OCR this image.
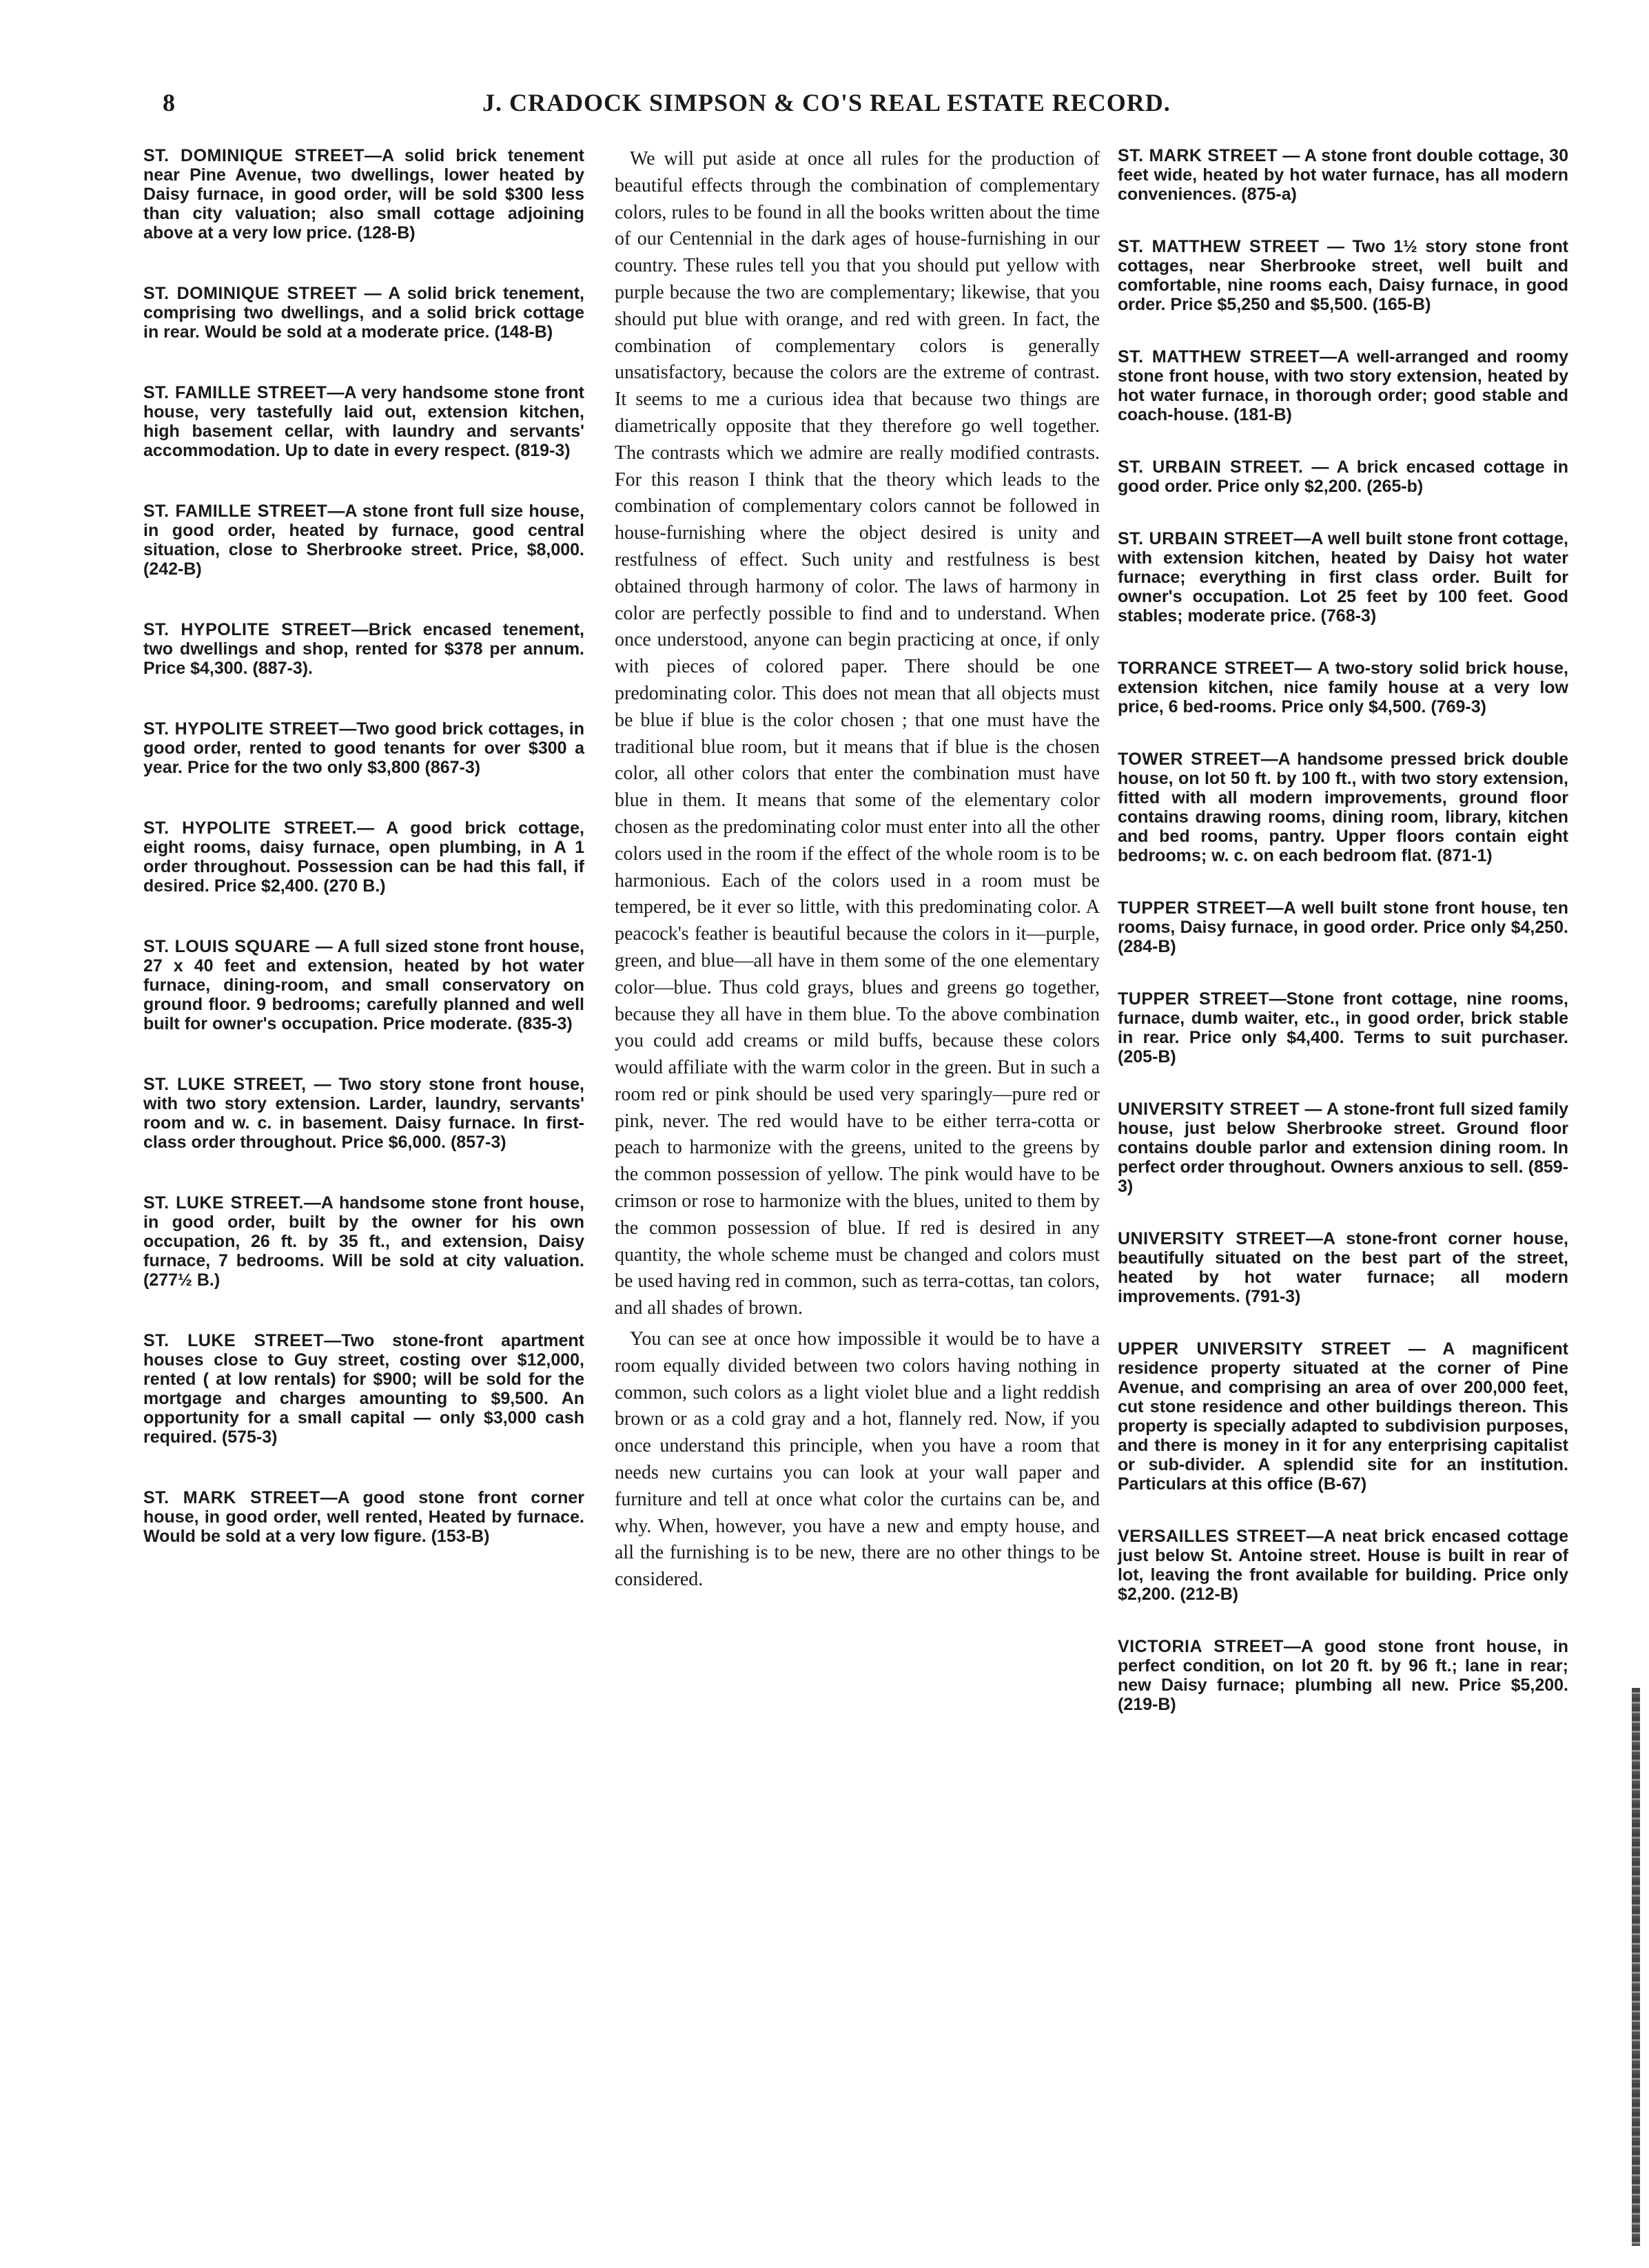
8	J. CRADOCK SIMPSON & CO'S REAL ESTATE RECORD.

ST. DOMINIQUE STREET—A solid brick tenement near Pine Avenue, two dwellings, lower heated by Daisy furnace, in good order, will be sold $300 less than city valuation; also small cottage adjoining above at a very low price. (128-B)

ST. DOMINIQUE STREET — A solid brick tenement, comprising two dwellings, and a solid brick cottage in rear. Would be sold at a moderate price. (148-B)

ST. FAMILLE STREET—A very handsome stone front house, very tastefully laid out, extension kitchen, high basement cellar, with laundry and servants' accommodation. Up to date in every respect. (819-3)

ST. FAMILLE STREET—A stone front full size house, in good order, heated by furnace, good central situation, close to Sherbrooke street. Price, $8,000. (242-B)

ST. HYPOLITE STREET—Brick encased tenement, two dwellings and shop, rented for $378 per annum. Price $4,300. (887-3).

ST. HYPOLITE STREET—Two good brick cottages, in good order, rented to good tenants for over $300 a year. Price for the two only $3,800 (867-3)

ST. HYPOLITE STREET.— A good brick cottage, eight rooms, daisy furnace, open plumbing, in A 1 order throughout. Possession can be had this fall, if desired. Price $2,400. (270 B.)

ST. LOUIS SQUARE — A full sized stone front house, 27 x 40 feet and extension, heated by hot water furnace, dining-room, and small conservatory on ground floor. 9 bedrooms; carefully planned and well built for owner's occupation. Price moderate. (835-3)

ST. LUKE STREET, — Two story stone front house, with two story extension. Larder, laundry, servants' room and w. c. in basement. Daisy furnace. In first-class order throughout. Price $6,000. (857-3)

ST. LUKE STREET.—A handsome stone front house, in good order, built by the owner for his own occupation, 26 ft. by 35 ft., and extension, Daisy furnace, 7 bedrooms. Will be sold at city valuation. (277½ B.)

ST. LUKE STREET—Two stone-front apartment houses close to Guy street, costing over $12,000, rented ( at low rentals) for $900; will be sold for the mortgage and charges amounting to $9,500. An opportunity for a small capital — only $3,000 cash required. (575-3)

ST. MARK STREET—A good stone front corner house, in good order, well rented, Heated by furnace. Would be sold at a very low figure. (153-B)

We will put aside at once all rules for the production of beautiful effects through the combination of complementary colors, rules to be found in all the books written about the time of our Centennial in the dark ages of house-furnishing in our country. These rules tell you that you should put yellow with purple because the two are complementary; likewise, that you should put blue with orange, and red with green. In fact, the combination of complementary colors is generally unsatisfactory, because the colors are the extreme of contrast. It seems to me a curious idea that because two things are diametrically opposite that they therefore go well together. The contrasts which we admire are really modified contrasts. For this reason I think that the theory which leads to the combination of complementary colors cannot be followed in house-furnishing where the object desired is unity and restfulness of effect. Such unity and restfulness is best obtained through harmony of color. The laws of harmony in color are perfectly possible to find and to understand. When once understood, anyone can begin practicing at once, if only with pieces of colored paper. There should be one predominating color. This does not mean that all objects must be blue if blue is the color chosen ; that one must have the traditional blue room, but it means that if blue is the chosen color, all other colors that enter the combination must have blue in them. It means that some of the elementary color chosen as the predominating color must enter into all the other colors used in the room if the effect of the whole room is to be harmonious. Each of the colors used in a room must be tempered, be it ever so little, with this predominating color. A peacock's feather is beautiful because the colors in it—purple, green, and blue—all have in them some of the one elementary color—blue. Thus cold grays, blues and greens go together, because they all have in them blue. To the above combination you could add creams or mild buffs, because these colors would affiliate with the warm color in the green. But in such a room red or pink should be used very sparingly—pure red or pink, never. The red would have to be either terra-cotta or peach to harmonize with the greens, united to the greens by the common possession of yellow. The pink would have to be crimson or rose to harmonize with the blues, united to them by the common possession of blue. If red is desired in any quantity, the whole scheme must be changed and colors must be used having red in common, such as terra-cottas, tan colors, and all shades of brown.

You can see at once how impossible it would be to have a room equally divided between two colors having nothing in common, such colors as a light violet blue and a light reddish brown or as a cold gray and a hot, flannely red. Now, if you once understand this principle, when you have a room that needs new curtains you can look at your wall paper and furniture and tell at once what color the curtains can be, and why. When, however, you have a new and empty house, and all the furnishing is to be new, there are no other things to be considered.

ST. MARK STREET — A stone front double cottage, 30 feet wide, heated by hot water furnace, has all modern conveniences. (875-a)

ST. MATTHEW STREET — Two 1½ story stone front cottages, near Sherbrooke street, well built and comfortable, nine rooms each, Daisy furnace, in good order. Price $5,250 and $5,500. (165-B)

ST. MATTHEW STREET—A well-arranged and roomy stone front house, with two story extension, heated by hot water furnace, in thorough order; good stable and coach-house. (181-B)

ST. URBAIN STREET. — A brick encased cottage in good order. Price only $2,200. (265-b)

ST. URBAIN STREET—A well built stone front cottage, with extension kitchen, heated by Daisy hot water furnace; everything in first class order. Built for owner's occupation. Lot 25 feet by 100 feet. Good stables; moderate price. (768-3)

TORRANCE STREET— A two-story solid brick house, extension kitchen, nice family house at a very low price, 6 bed-rooms. Price only $4,500. (769-3)

TOWER STREET—A handsome pressed brick double house, on lot 50 ft. by 100 ft., with two story extension, fitted with all modern improvements, ground floor contains drawing rooms, dining room, library, kitchen and bed rooms, pantry. Upper floors contain eight bedrooms; w. c. on each bedroom flat. (871-1)

TUPPER STREET—A well built stone front house, ten rooms, Daisy furnace, in good order. Price only $4,250. (284-B)

TUPPER STREET—Stone front cottage, nine rooms, furnace, dumb waiter, etc., in good order, brick stable in rear. Price only $4,400. Terms to suit purchaser. (205-B)

UNIVERSITY STREET — A stone-front full sized family house, just below Sherbrooke street. Ground floor contains double parlor and extension dining room. In perfect order throughout. Owners anxious to sell. (859-3)

UNIVERSITY STREET—A stone-front corner house, beautifully situated on the best part of the street, heated by hot water furnace; all modern improvements. (791-3)

UPPER UNIVERSITY STREET — A magnificent residence property situated at the corner of Pine Avenue, and comprising an area of over 200,000 feet, cut stone residence and other buildings thereon. This property is specially adapted to subdivision purposes, and there is money in it for any enterprising capitalist or sub-divider. A splendid site for an institution. Particulars at this office (B-67)

VERSAILLES STREET—A neat brick encased cottage just below St. Antoine street. House is built in rear of lot, leaving the front available for building. Price only $2,200. (212-B)

VICTORIA STREET—A good stone front house, in perfect condition, on lot 20 ft. by 96 ft.; lane in rear; new Daisy furnace; plumbing all new. Price $5,200. (219-B)
